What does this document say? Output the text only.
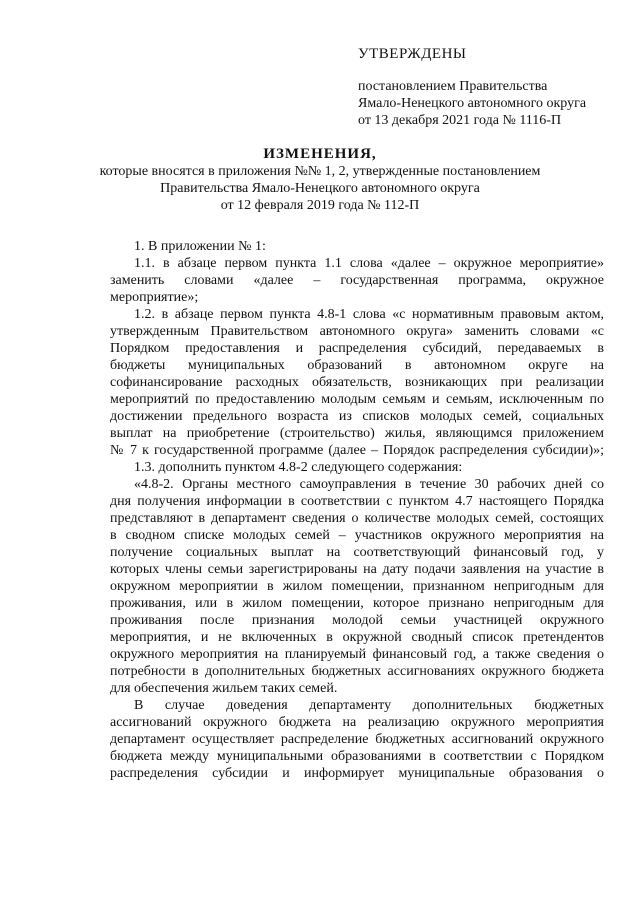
УТВЕРЖДЕНЫ
постановлением Правительства
Ямало-Ненецкого автономного округа
от 13 декабря 2021 года № 1116-П
ИЗМЕНЕНИЯ,
которые вносятся в приложения №№ 1, 2, утвержденные постановлением
Правительства Ямало-Ненецкого автономного округа
от 12 февраля 2019 года № 112-П
1. В приложении № 1:
1.1. в абзаце первом пункта 1.1 слова «далее – окружное мероприятие»
заменить словами «далее – государственная программа, окружное
мероприятие»;
1.2. в абзаце первом пункта 4.8-1 слова «с нормативным правовым актом,
утвержденным Правительством автономного округа» заменить словами «с
Порядком предоставления и распределения субсидий, передаваемых в
бюджеты муниципальных образований в автономном округе на
софинансирование расходных обязательств, возникающих при реализации
мероприятий по предоставлению молодым семьям и семьям, исключенным по
достижении предельного возраста из списков молодых семей, социальных
выплат на приобретение (строительство) жилья, являющимся приложением
№ 7 к государственной программе (далее – Порядок распределения субсидии)»;
1.3. дополнить пунктом 4.8-2 следующего содержания:
«4.8-2. Органы местного самоуправления в течение 30 рабочих дней со
дня получения информации в соответствии с пунктом 4.7 настоящего Порядка
представляют в департамент сведения о количестве молодых семей, состоящих
в сводном списке молодых семей – участников окружного мероприятия на
получение социальных выплат на соответствующий финансовый год, у
которых члены семьи зарегистрированы на дату подачи заявления на участие в
окружном мероприятии в жилом помещении, признанном непригодным для
проживания, или в жилом помещении, которое признано непригодным для
проживания после признания молодой семьи участницей окружного
мероприятия, и не включенных в окружной сводный список претендентов
окружного мероприятия на планируемый финансовый год, а также сведения о
потребности в дополнительных бюджетных ассигнованиях окружного бюджета
для обеспечения жильем таких семей.
В случае доведения департаменту дополнительных бюджетных
ассигнований окружного бюджета на реализацию окружного мероприятия
департамент осуществляет распределение бюджетных ассигнований окружного
бюджета между муниципальными образованиями в соответствии с Порядком
распределения субсидии и информирует муниципальные образования о
